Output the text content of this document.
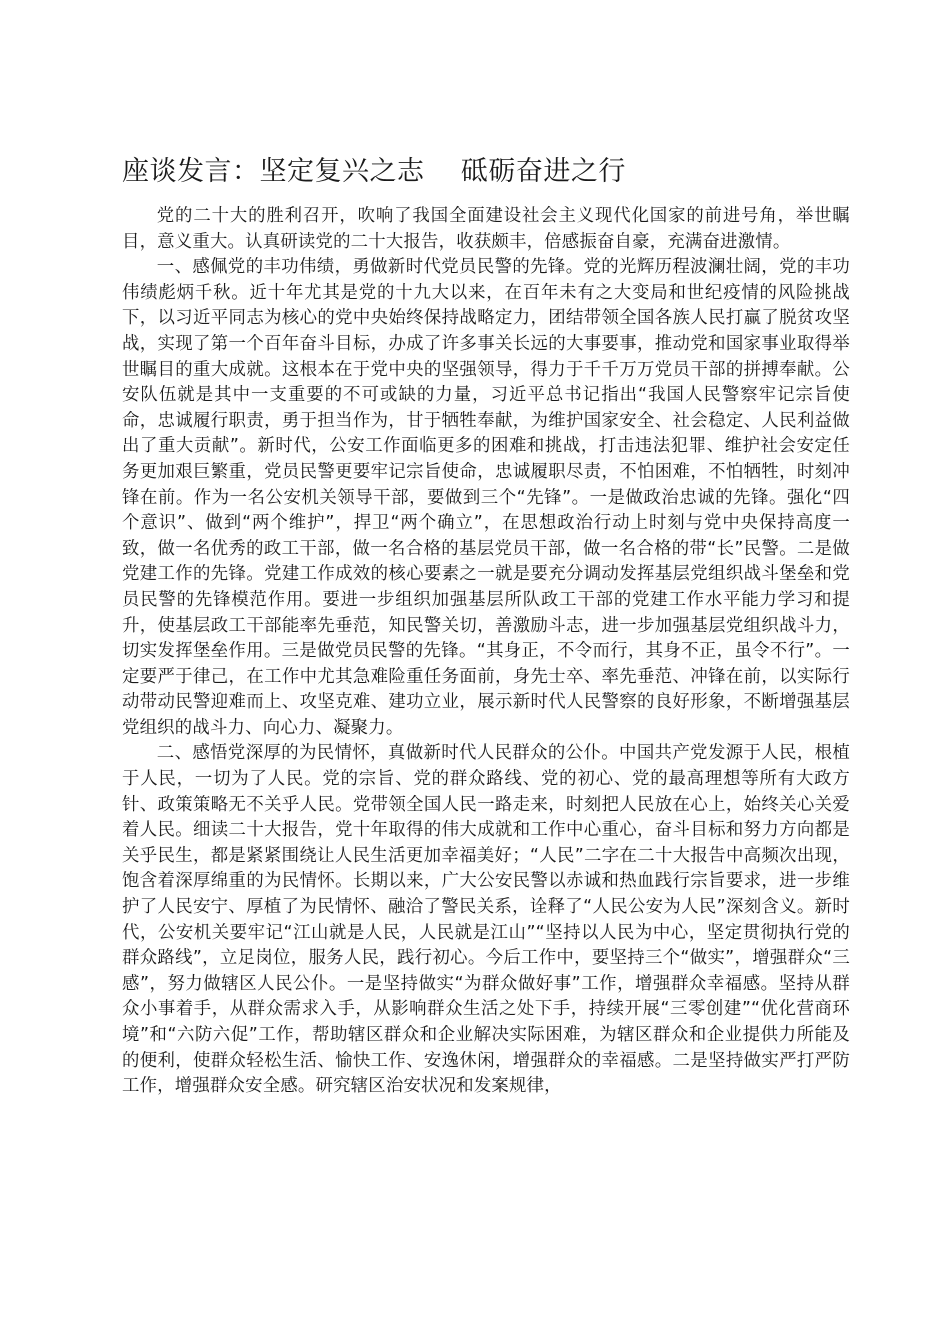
座谈发言：坚定复兴之志    砥砺奋进之行

党的二十大的胜利召开，吹响了我国全面建设社会主义现代化国家的前进号角，举世瞩目，意义重大。认真研读党的二十大报告，收获颇丰，倍感振奋自豪，充满奋进激情。

一、感佩党的丰功伟绩，勇做新时代党员民警的先锋。党的光辉历程波澜壮阔，党的丰功伟绩彪炳千秋。近十年尤其是党的十九大以来，在百年未有之大变局和世纪疫情的风险挑战下，以习近平同志为核心的党中央始终保持战略定力，团结带领全国各族人民打赢了脱贫攻坚战，实现了第一个百年奋斗目标，办成了许多事关长远的大事要事，推动党和国家事业取得举世瞩目的重大成就。这根本在于党中央的坚强领导，得力于千千万万党员干部的拼搏奉献。公安队伍就是其中一支重要的不可或缺的力量，习近平总书记指出“我国人民警察牢记宗旨使命，忠诚履行职责，勇于担当作为，甘于牺牲奉献，为维护国家安全、社会稳定、人民利益做出了重大贡献”。新时代，公安工作面临更多的困难和挑战，打击违法犯罪、维护社会安定任务更加艰巨繁重，党员民警更要牢记宗旨使命，忠诚履职尽责，不怕困难，不怕牺牲，时刻冲锋在前。作为一名公安机关领导干部，要做到三个“先锋”。一是做政治忠诚的先锋。强化“四个意识”、做到“两个维护”，捍卫“两个确立”，在思想政治行动上时刻与党中央保持高度一致，做一名优秀的政工干部，做一名合格的基层党员干部，做一名合格的带“长”民警。二是做党建工作的先锋。党建工作成效的核心要素之一就是要充分调动发挥基层党组织战斗堡垒和党员民警的先锋模范作用。要进一步组织加强基层所队政工干部的党建工作水平能力学习和提升，使基层政工干部能率先垂范，知民警关切，善激励斗志，进一步加强基层党组织战斗力，切实发挥堡垒作用。三是做党员民警的先锋。“其身正，不令而行，其身不正，虽令不行”。一定要严于律己，在工作中尤其急难险重任务面前，身先士卒、率先垂范、冲锋在前，以实际行动带动民警迎难而上、攻坚克难、建功立业，展示新时代人民警察的良好形象，不断增强基层党组织的战斗力、向心力、凝聚力。

二、感悟党深厚的为民情怀，真做新时代人民群众的公仆。中国共产党发源于人民，根植于人民，一切为了人民。党的宗旨、党的群众路线、党的初心、党的最高理想等所有大政方针、政策策略无不关乎人民。党带领全国人民一路走来，时刻把人民放在心上，始终关心关爱着人民。细读二十大报告，党十年取得的伟大成就和工作中心重心，奋斗目标和努力方向都是关乎民生，都是紧紧围绕让人民生活更加幸福美好；“人民”二字在二十大报告中高频次出现，饱含着深厚绵重的为民情怀。长期以来，广大公安民警以赤诚和热血践行宗旨要求，进一步维护了人民安宁、厚植了为民情怀、融洽了警民关系，诠释了“人民公安为人民”深刻含义。新时代，公安机关要牢记“江山就是人民，人民就是江山”“坚持以人民为中心，坚定贯彻执行党的群众路线”，立足岗位，服务人民，践行初心。今后工作中，要坚持三个“做实”，增强群众“三感”，努力做辖区人民公仆。一是坚持做实“为群众做好事”工作，增强群众幸福感。坚持从群众小事着手，从群众需求入手，从影响群众生活之处下手，持续开展“三零创建”“优化营商环境”和“六防六促”工作，帮助辖区群众和企业解决实际困难，为辖区群众和企业提供力所能及的便利，使群众轻松生活、愉快工作、安逸休闲，增强群众的幸福感。二是坚持做实严打严防工作，增强群众安全感。研究辖区治安状况和发案规律，
